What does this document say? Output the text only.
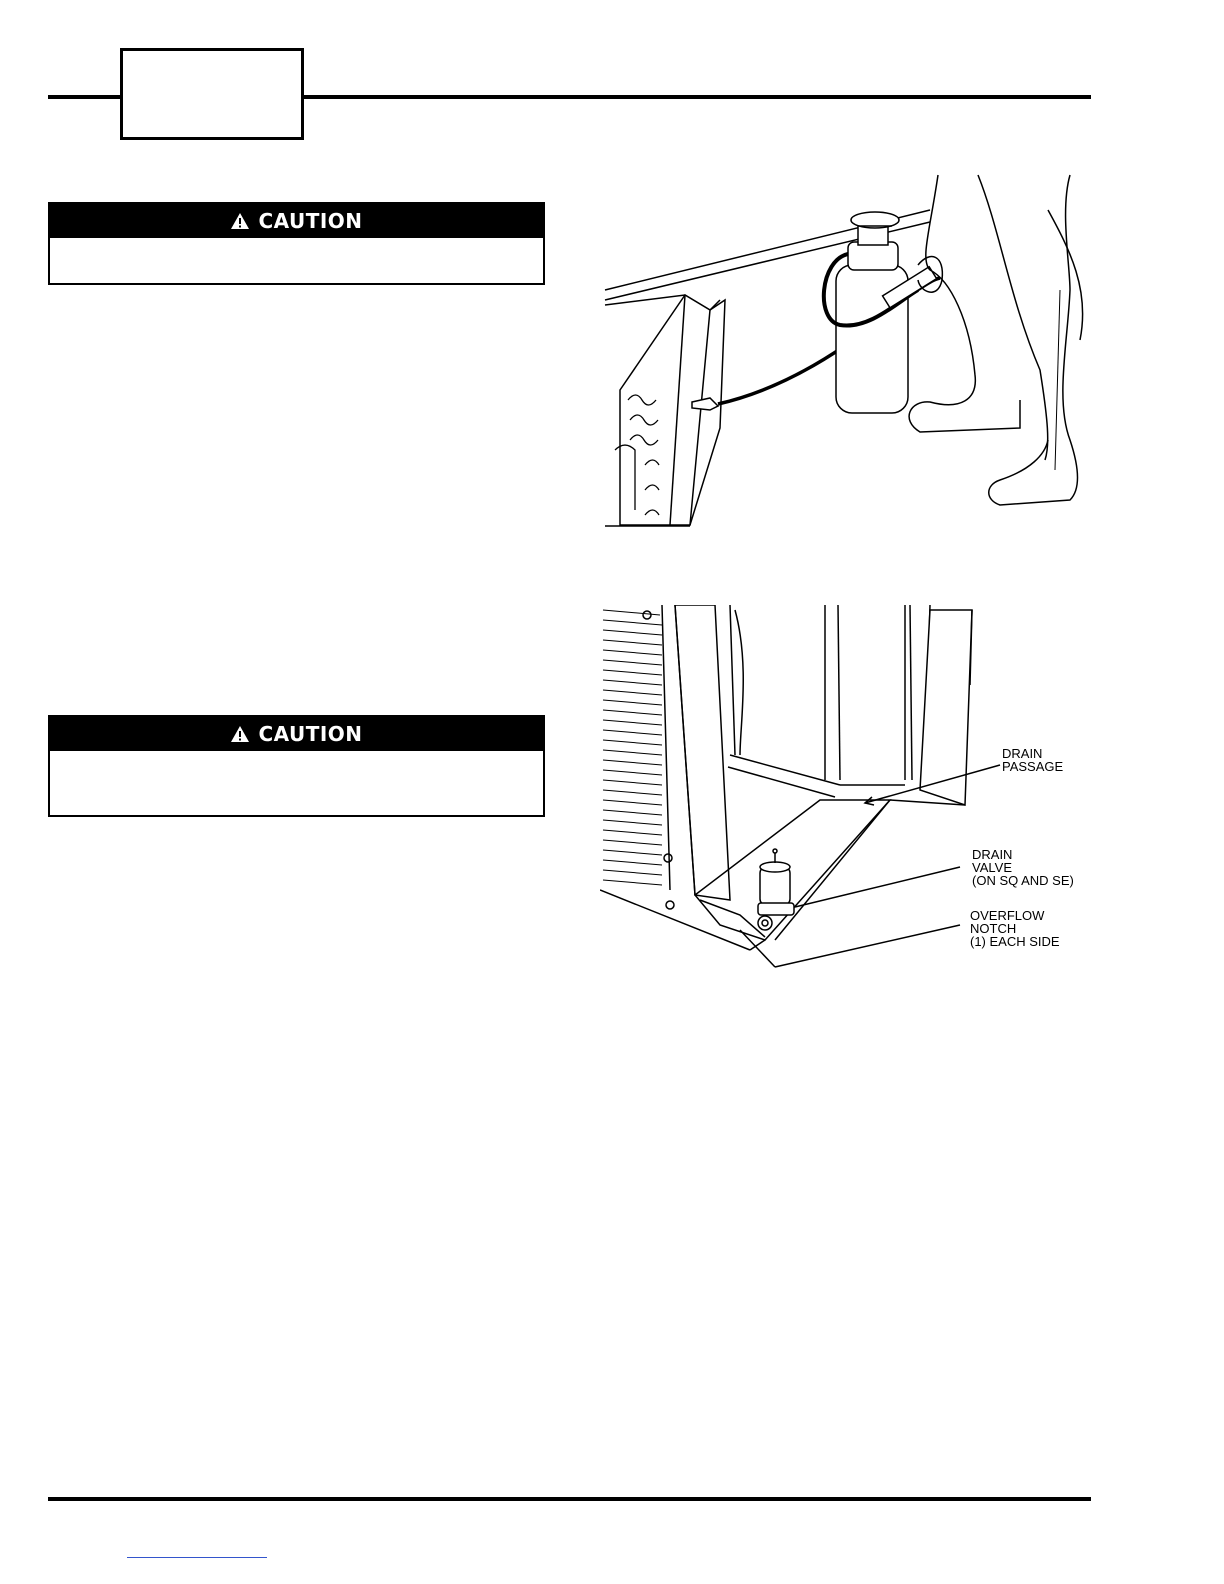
CAUTION
CAUTION
DRAIN
PASSAGE
DRAIN
VALVE
(ON SQ AND SE)
OVERFLOW
NOTCH
(1) EACH SIDE
